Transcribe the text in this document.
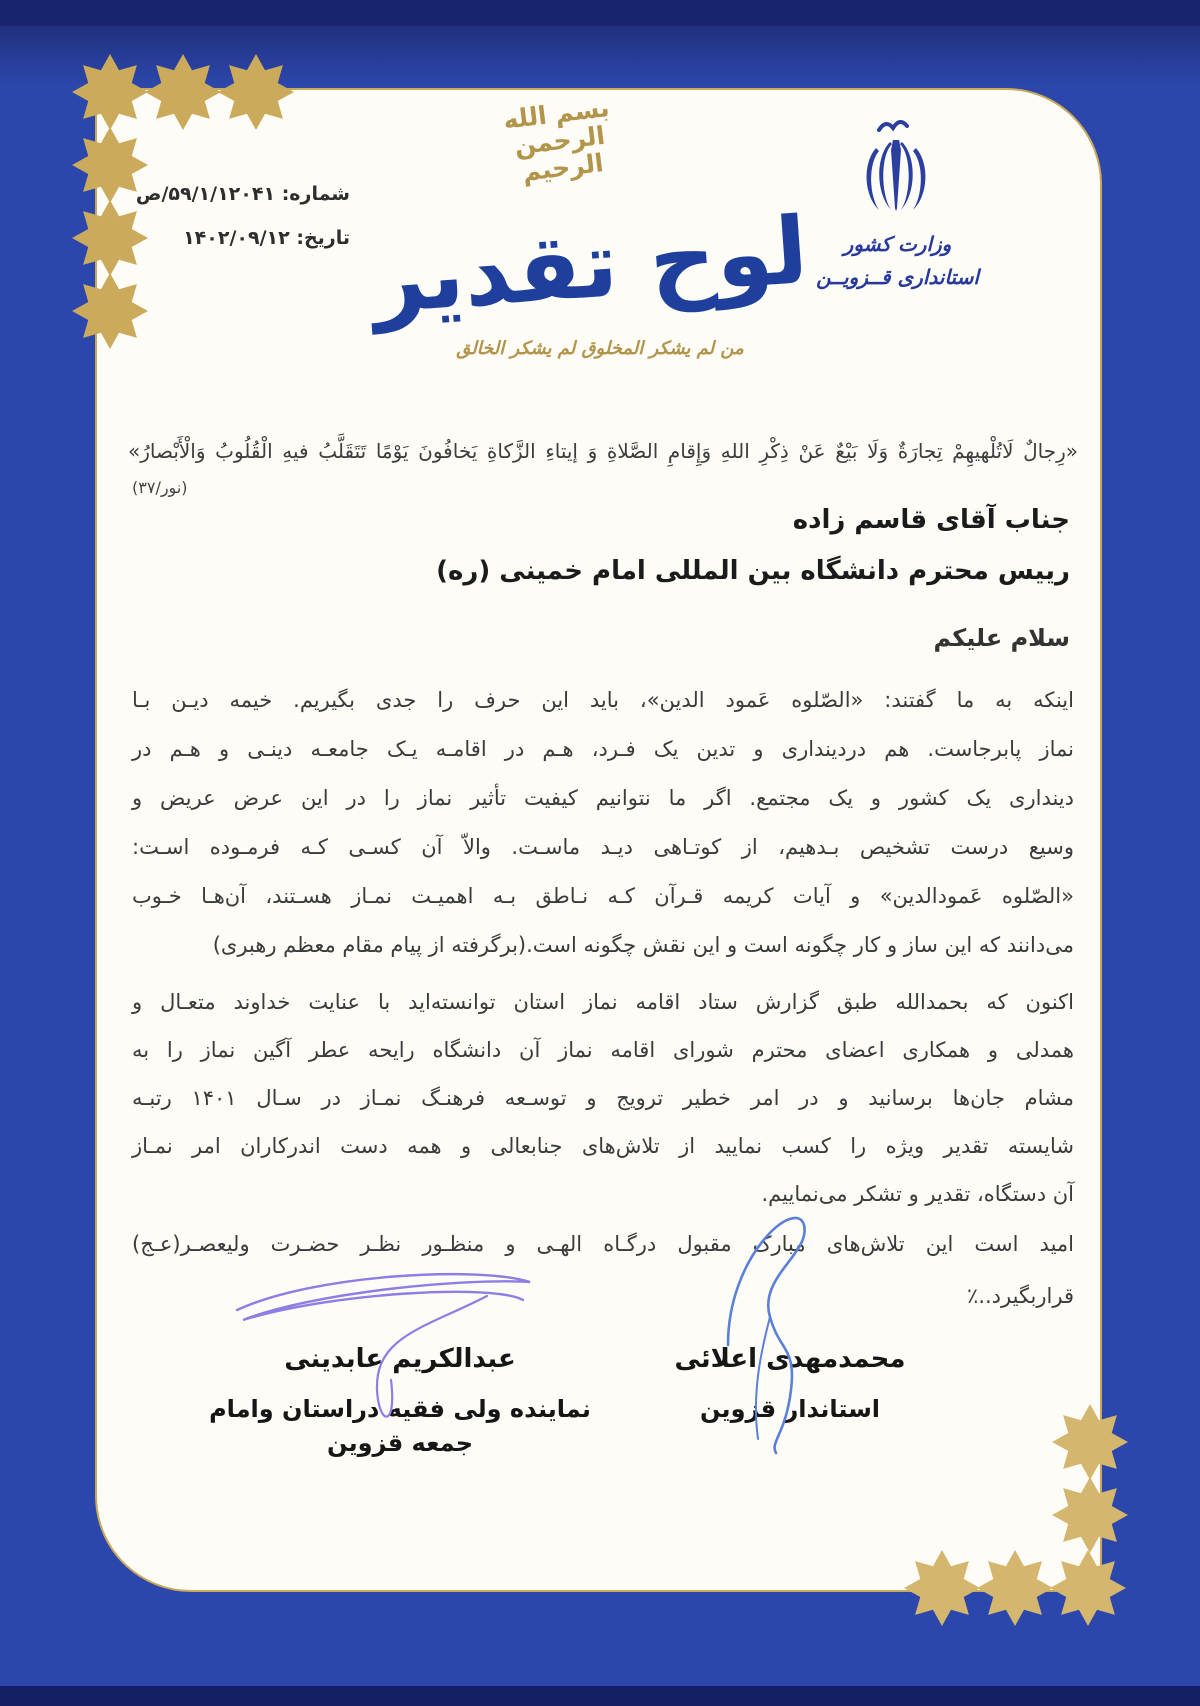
شماره: ۵۹/۱/۱۲۰۴۱/ص
تاریخ: ۱۴۰۲/۰۹/۱۲
بسم الله الرحمن الرحیم
لوح تقدیر
من لم یشکر المخلوق لم یشکر الخالق
وزارت کشور
استانداری قــزویــن
«رِجالٌ لَاتُلْهیهِمْ تِجارَةٌ وَلَا بَیْعٌ عَنْ ذِکْرِ اللهِ وَإِقامِ الصَّلاةِ وَ إیتاءِ الزَّکاةِ یَخافُونَ یَوْمًا تَتَقَلَّبُ فیهِ الْقُلُوبُ وَالْأَبْصارُ»
(نور/۳۷)
جناب آقای قاسم زاده
رییس محترم دانشگاه بین المللی امام خمینی (ره)
سلام علیکم
اینکه به ما گفتند: «الصّلوه عَمود الدین»، باید این حرف را جدی بگیریم. خیمه دیـن بـا
نماز پابرجاست. هم دردینداری و تدین یک فـرد، هـم در اقامـه یـک جامعـه دینـی و هـم در
دینداری یک کشور و یک مجتمع. اگر ما نتوانیم کیفیت تأثیر نماز را در این عرض عریض و
وسیع درست تشخیص بـدهیم، از کوتـاهی دیـد ماسـت. والاّ آن کسـی کـه فرمـوده اسـت:
«الصّلوه عَمودالدین» و آیات کریمه قـرآن کـه نـاطق بـه اهمیـت نمـاز هسـتند، آن‌هـا خـوب
می‌دانند که این ساز و کار چگونه است و این نقش چگونه است.(برگرفته از پیام مقام معظم رهبری)
اکنون که بحمدالله طبق گزارش ستاد اقامه نماز استان توانسته‌اید با عنایت خداوند متعـال و
همدلی و همکاری اعضای محترم شورای اقامه نماز آن دانشگاه رایحه عطر آگین نماز را به
مشام جان‌ها برسانید و در امر خطیر ترویج و توسـعه فرهنـگ نمـاز در سـال ۱۴۰۱ رتبـه
شایسته تقدیر ویژه را کسب نمایید از تلاش‌های جنابعالی و همه دست اندرکاران امر نمـاز
آن دستگاه، تقدیر و تشکر می‌نماییم.
امید است این تلاش‌های مبارک مقبول درگـاه الهـی و منظـور نظـر حضـرت ولیعصـر(عـج)
قراربگیرد..٪
محمدمهدی اعلائی
استاندار قزوین
عبدالکریم عابدینی
نماینده ولی فقیه دراستان وامام جمعه قزوین
